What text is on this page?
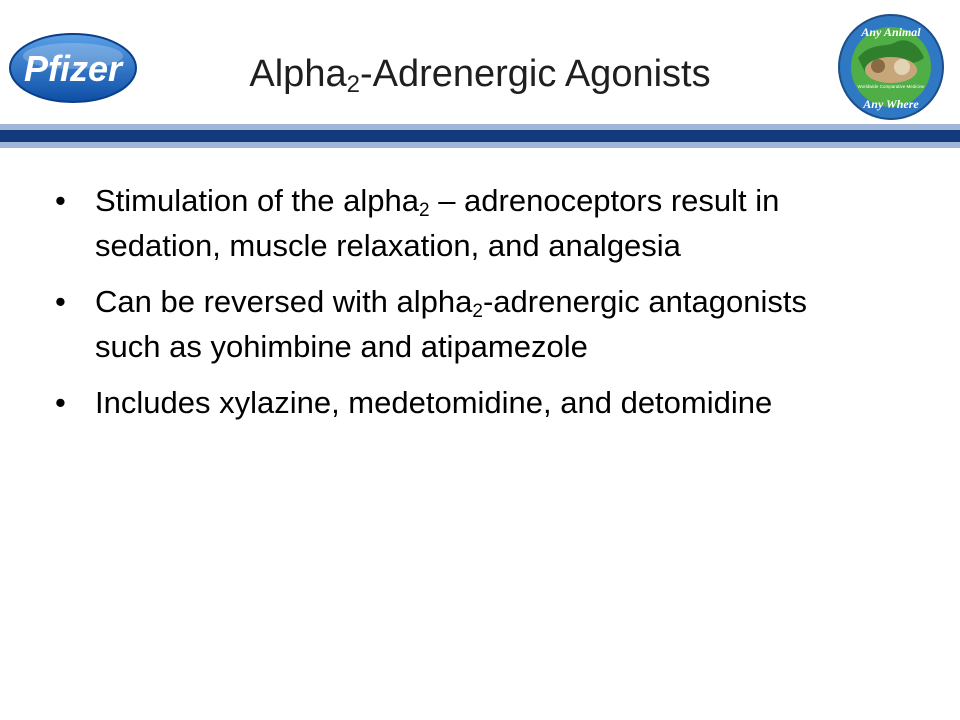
Pfizer
Any Animal
Worldwide Comparative Medicine
Any Where
Alpha$_2$-Adrenergic Agonists
• Stimulation of the alpha$_2$ – adrenoceptors result in sedation, muscle relaxation, and analgesia
• Can be reversed with alpha$_2$-adrenergic antagonists such as yohimbine and atipamezole
• Includes xylazine, medetomidine, and detomidine
